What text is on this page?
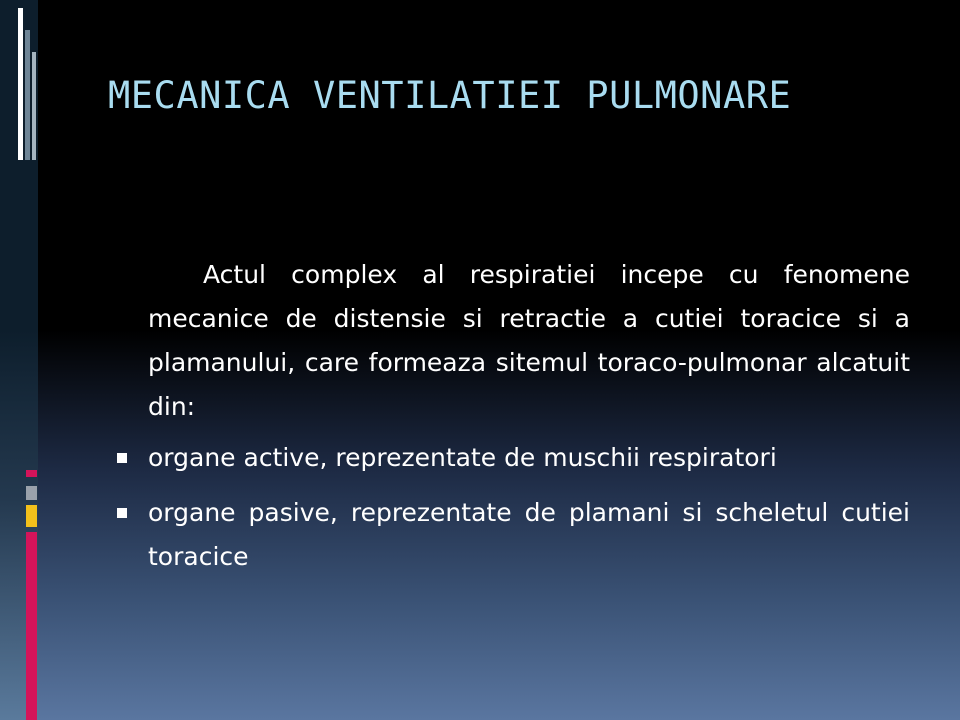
MECANICA VENTILATIEI PULMONARE

Actul complex al respiratiei incepe cu fenomene mecanice de distensie si retractie a cutiei toracice si a plamanului, care formeaza sitemul toraco-pulmonar alcatuit din:

organe active, reprezentate de muschii respiratori
organe pasive, reprezentate de plamani si scheletul cutiei toracice
